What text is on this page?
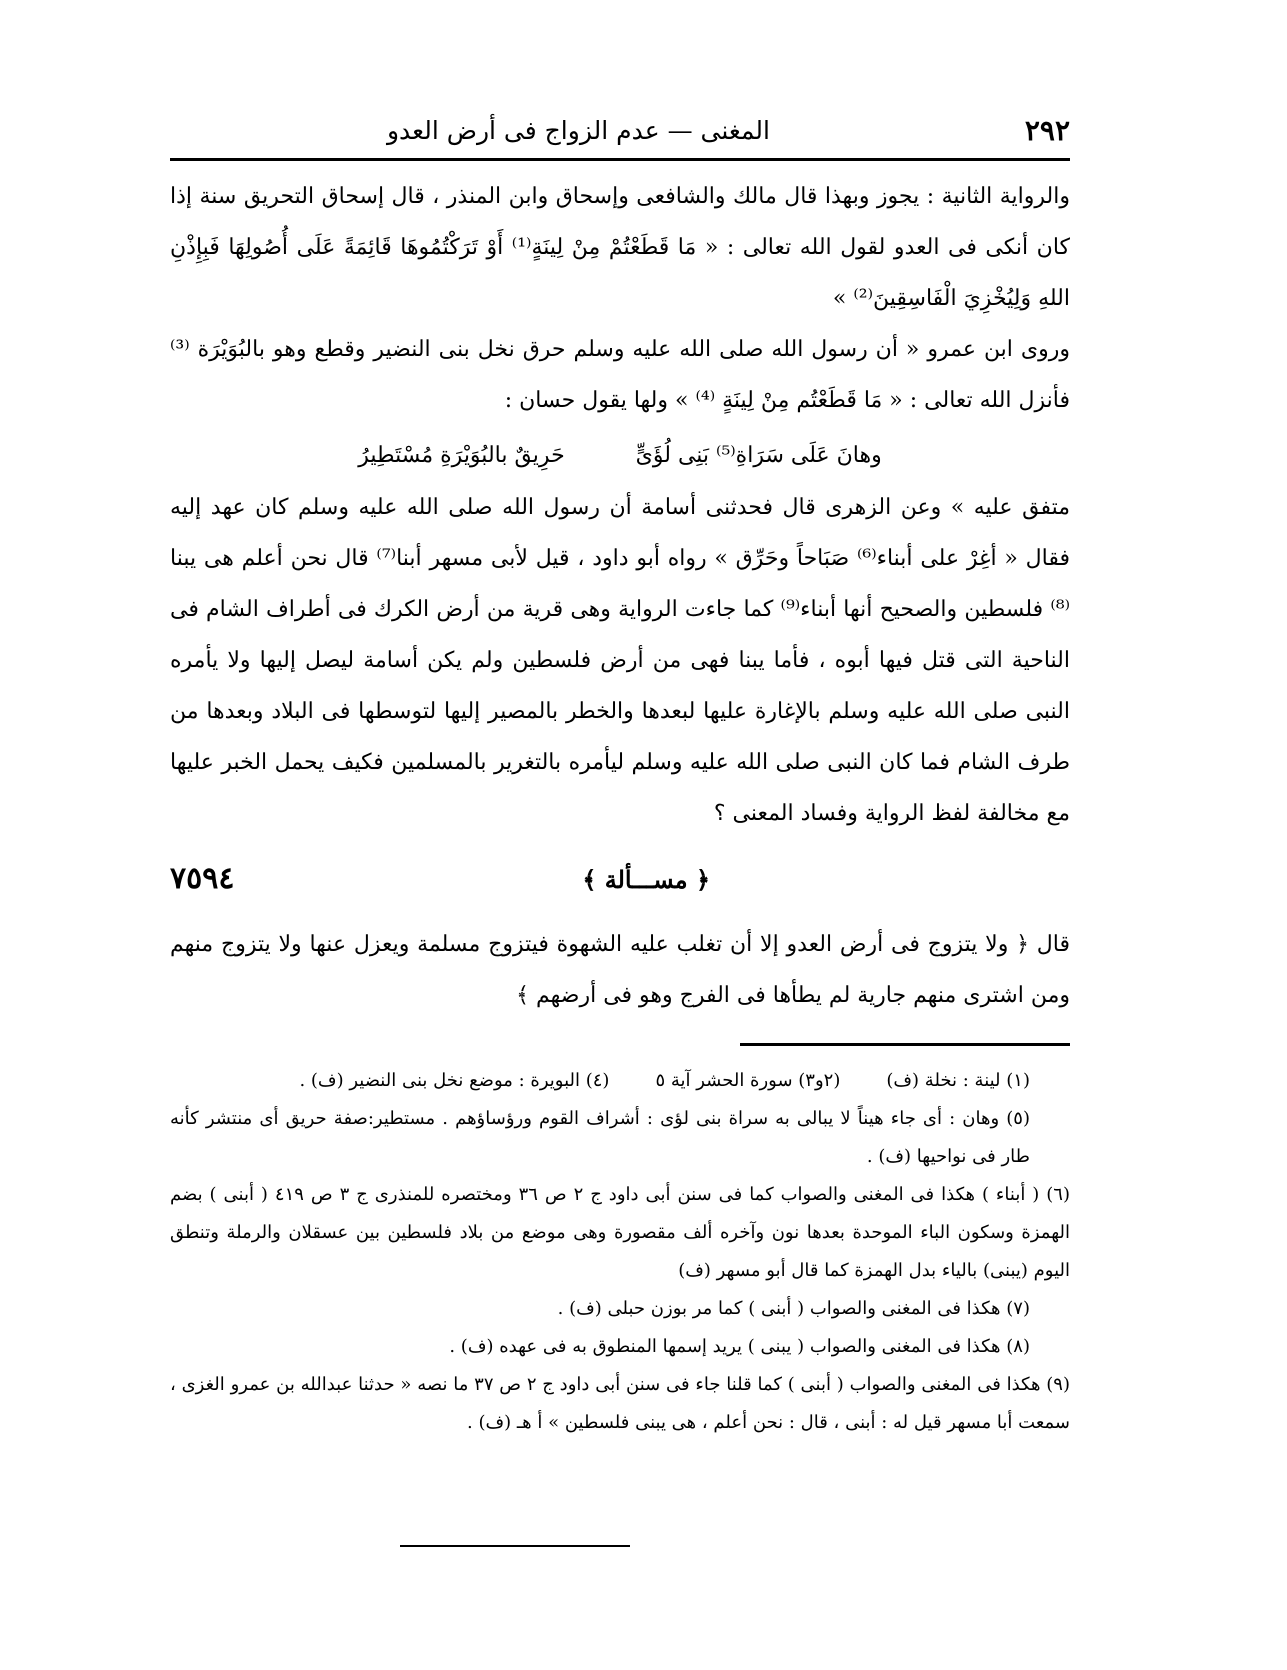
٢٩٢
المغنى — عدم الزواج فى أرض العدو

والرواية الثانية : يجوز وبهذا قال مالك والشافعى وإسحاق وابن المنذر ، قال إسحاق التحريق سنة إذا كان أنكى فى العدو لقول الله تعالى : « مَا قَطَعْتُمْ مِنْ لِينَةٍ⁽¹⁾ أَوْ تَرَكْتُمُوهَا قَائِمَةً عَلَى أُصُولِهَا فَبِإِذْنِ اللهِ وَلِيُخْزِيَ الْفَاسِقِينَ⁽²⁾ »

وروى ابن عمرو « أن رسول الله صلى الله عليه وسلم حرق نخل بنى النضير وقطع وهو بالبُوَيْرَة ⁽³⁾ فأنزل الله تعالى : « مَا قَطَعْتُم مِنْ لِينَةٍ ⁽⁴⁾ » ولها يقول حسان :

وهانَ عَلَى سَرَاةِ⁽⁵⁾ بَنِى لُؤَىٍّ حَرِيقٌ بالبُوَيْرَةِ مُسْتَطِيرُ

متفق عليه » وعن الزهرى قال فحدثنى أسامة أن رسول الله صلى الله عليه وسلم كان عهد إليه فقال « أغِرْ على أبناء⁽⁶⁾ صَبَاحاً وحَرِّق » رواه أبو داود ، قيل لأبى مسهر أبنا⁽⁷⁾ قال نحن أعلم هى يبنا ⁽⁸⁾ فلسطين والصحيح أنها أبناء⁽⁹⁾ كما جاءت الرواية وهى قرية من أرض الكرك فى أطراف الشام فى الناحية التى قتل فيها أبوه ، فأما يبنا فهى من أرض فلسطين ولم يكن أسامة ليصل إليها ولا يأمره النبى صلى الله عليه وسلم بالإغارة عليها لبعدها والخطر بالمصير إليها لتوسطها فى البلاد وبعدها من طرف الشام فما كان النبى صلى الله عليه وسلم ليأمره بالتغرير بالمسلمين فكيف يحمل الخبر عليها مع مخالفة لفظ الرواية وفساد المعنى ؟

﴿ مســـألة ﴾
٧٥٩٤

قال ﴿ ولا يتزوج فى أرض العدو إلا أن تغلب عليه الشهوة فيتزوج مسلمة ويعزل عنها ولا يتزوج منهم ومن اشترى منهم جارية لم يطأها فى الفرج وهو فى أرضهم ﴾

(١) لينة : نخلة (ف)
(٢و٣) سورة الحشر آية ٥
(٤) البويرة : موضع نخل بنى النضير (ف) .

(٥) وهان : أى جاء هيناً لا يبالى به سراة بنى لؤى : أشراف القوم ورؤساؤهم . مستطير:صفة حريق أى منتشر كأنه طار فى نواحيها (ف) .

(٦) ( أبناء ) هكذا فى المغنى والصواب كما فى سنن أبى داود ج ٢ ص ٣٦ ومختصره للمنذرى ج ٣ ص ٤١٩ ( أبنى ) بضم الهمزة وسكون الباء الموحدة بعدها نون وآخره ألف مقصورة وهى موضع من بلاد فلسطين بين عسقلان والرملة وتنطق اليوم (يبنى) بالياء بدل الهمزة كما قال أبو مسهر (ف)

(٧) هكذا فى المغنى والصواب ( أبنى ) كما مر بوزن حبلى (ف) .

(٨) هكذا فى المغنى والصواب ( يبنى ) يريد إسمها المنطوق به فى عهده (ف) .

(٩) هكذا فى المغنى والصواب ( أبنى ) كما قلنا جاء فى سنن أبى داود ج ٢ ص ٣٧ ما نصه « حدثنا عبدالله بن عمرو الغزى ، سمعت أبا مسهر قيل له : أبنى ، قال : نحن أعلم ، هى يبنى فلسطين » أ هـ (ف) .
